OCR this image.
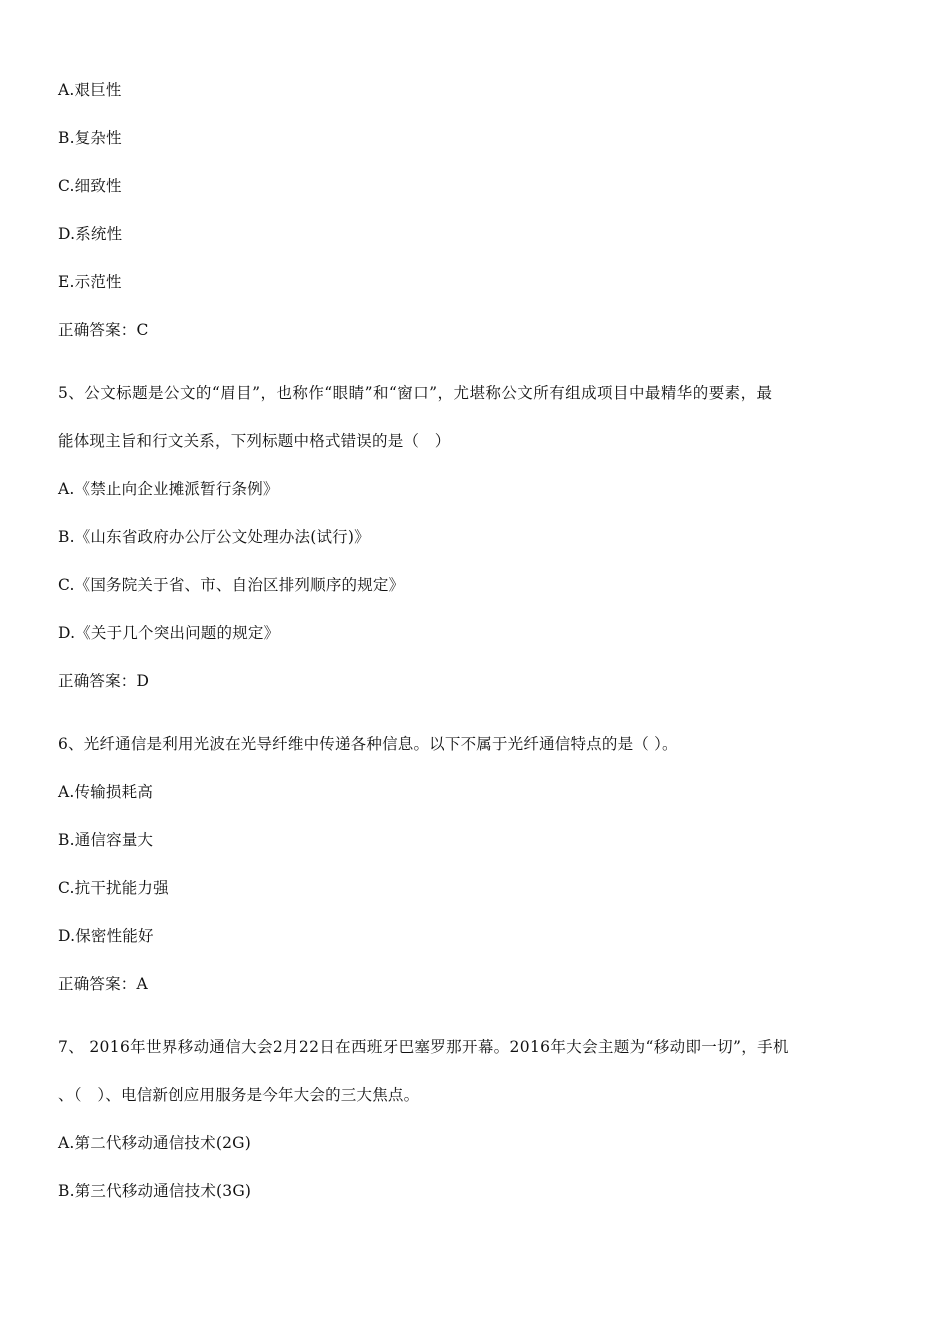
A.艰巨性
B.复杂性
C.细致性
D.系统性
E.示范性
正确答案：C
5、公文标题是公文的“眉目”，也称作“眼睛”和“窗口”，尤堪称公文所有组成项目中最精华的要素，最
能体现主旨和行文关系，下列标题中格式错误的是（　）
A.《禁止向企业摊派暂行条例》
B.《山东省政府办公厅公文处理办法(试行)》
C.《国务院关于省、市、自治区排列顺序的规定》
D.《关于几个突出问题的规定》
正确答案：D
6、光纤通信是利用光波在光导纤维中传递各种信息。以下不属于光纤通信特点的是（ ）。
A.传输损耗高
B.通信容量大
C.抗干扰能力强
D.保密性能好
正确答案：A
7、 2016年世界移动通信大会2月22日在西班牙巴塞罗那开幕。2016年大会主题为“移动即一切”，手机
、（　）、电信新创应用服务是今年大会的三大焦点。
A.第二代移动通信技术(2G)
B.第三代移动通信技术(3G)
